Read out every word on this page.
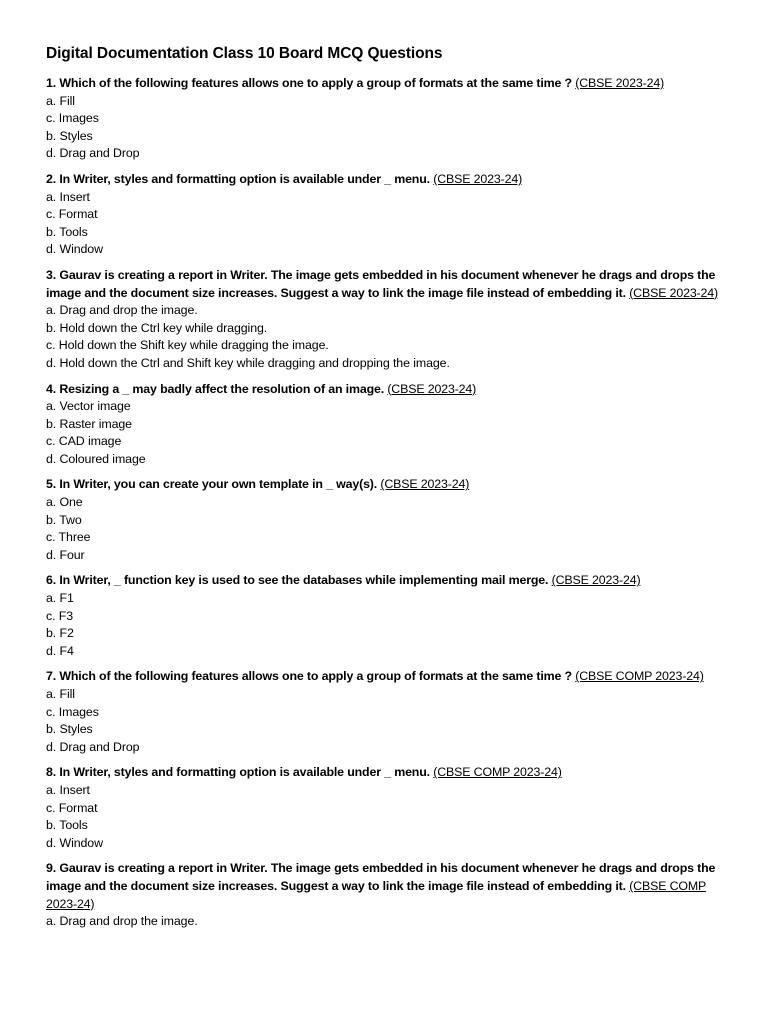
Digital Documentation Class 10 Board MCQ Questions
1. Which of the following features allows one to apply a group of formats at the same time ? (CBSE 2023-24)
a. Fill
c. Images
b. Styles
d. Drag and Drop
2. In Writer, styles and formatting option is available under _ menu. (CBSE 2023-24)
a. Insert
c. Format
b. Tools
d. Window
3. Gaurav is creating a report in Writer. The image gets embedded in his document whenever he drags and drops the image and the document size increases. Suggest a way to link the image file instead of embedding it. (CBSE 2023-24)
a. Drag and drop the image.
b. Hold down the Ctrl key while dragging.
c. Hold down the Shift key while dragging the image.
d. Hold down the Ctrl and Shift key while dragging and dropping the image.
4. Resizing a _ may badly affect the resolution of an image. (CBSE 2023-24)
a. Vector image
b. Raster image
c. CAD image
d. Coloured image
5. In Writer, you can create your own template in _ way(s). (CBSE 2023-24)
a. One
b. Two
c. Three
d. Four
6. In Writer, _ function key is used to see the databases while implementing mail merge. (CBSE 2023-24)
a. F1
c. F3
b. F2
d. F4
7. Which of the following features allows one to apply a group of formats at the same time ? (CBSE COMP 2023-24)
a. Fill
c. Images
b. Styles
d. Drag and Drop
8. In Writer, styles and formatting option is available under _ menu. (CBSE COMP 2023-24)
a. Insert
c. Format
b. Tools
d. Window
9. Gaurav is creating a report in Writer. The image gets embedded in his document whenever he drags and drops the image and the document size increases. Suggest a way to link the image file instead of embedding it. (CBSE COMP 2023-24)
a. Drag and drop the image.
